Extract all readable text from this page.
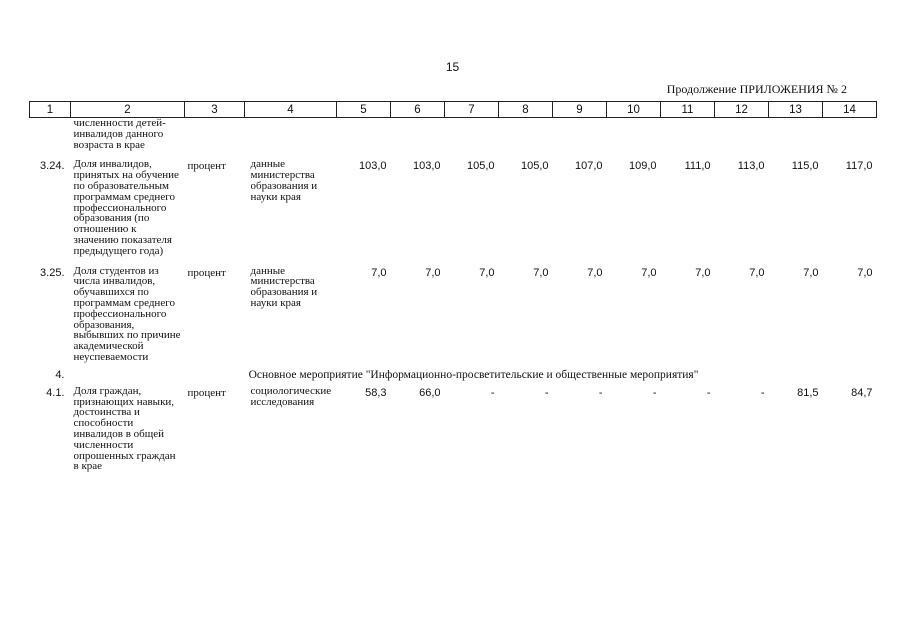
15
Продолжение ПРИЛОЖЕНИЯ № 2
1	2	3	4	5	6	7	8	9	10	11	12	13	14
	численности детей-инвалидов данного возраста в крае												

3.24.	Доля инвалидов, принятых на обучение по образовательным программам среднего профессионального образования (по отношению к значению показателя предыдущего года)	процент	данные министерства образования и науки края	103,0	103,0	105,0	105,0	107,0	109,0	111,0	113,0	115,0	117,0

3.25.	Доля студентов из числа инвалидов, обучавшихся по программам среднего профессионального образования, выбывших по причине академической неуспеваемости	процент	данные министерства образования и науки края	7,0	7,0	7,0	7,0	7,0	7,0	7,0	7,0	7,0	7,0

4.	Основное мероприятие "Информационно-просветительские и общественные мероприятия"												

4.1.	Доля граждан, признающих навыки, достоинства и способности инвалидов в общей численности опрошенных граждан в крае	процент	социологические исследования	58,3	66,0	-	-	-	-	-	-	81,5	84,7
